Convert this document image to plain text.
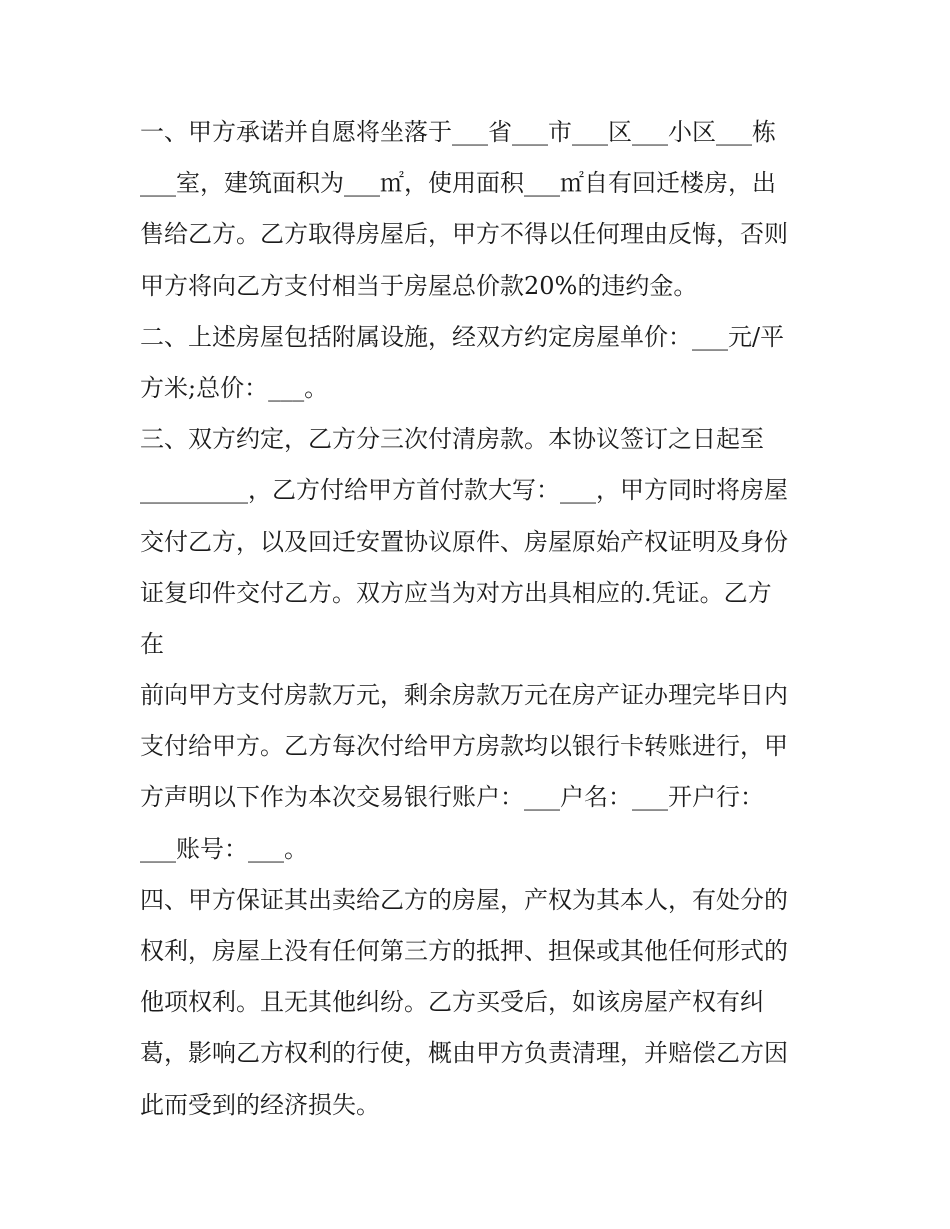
一、甲方承诺并自愿将坐落于___省___市___区___小区___栋
___室，建筑面积为___㎡，使用面积___㎡自有回迁楼房，出
售给乙方。乙方取得房屋后，甲方不得以任何理由反悔，否则
甲方将向乙方支付相当于房屋总价款20%的违约金。
二、上述房屋包括附属设施，经双方约定房屋单价：___元/平
方米;总价：___。
三、双方约定，乙方分三次付清房款。本协议签订之日起至
_________，乙方付给甲方首付款大写：___，甲方同时将房屋
交付乙方，以及回迁安置协议原件、房屋原始产权证明及身份
证复印件交付乙方。双方应当为对方出具相应的.凭证。乙方
在
前向甲方支付房款万元，剩余房款万元在房产证办理完毕日内
支付给甲方。乙方每次付给甲方房款均以银行卡转账进行，甲
方声明以下作为本次交易银行账户：___户名：___开户行：
___账号：___。
四、甲方保证其出卖给乙方的房屋，产权为其本人，有处分的
权利，房屋上没有任何第三方的抵押、担保或其他任何形式的
他项权利。且无其他纠纷。乙方买受后，如该房屋产权有纠
葛，影响乙方权利的行使，概由甲方负责清理，并赔偿乙方因
此而受到的经济损失。
